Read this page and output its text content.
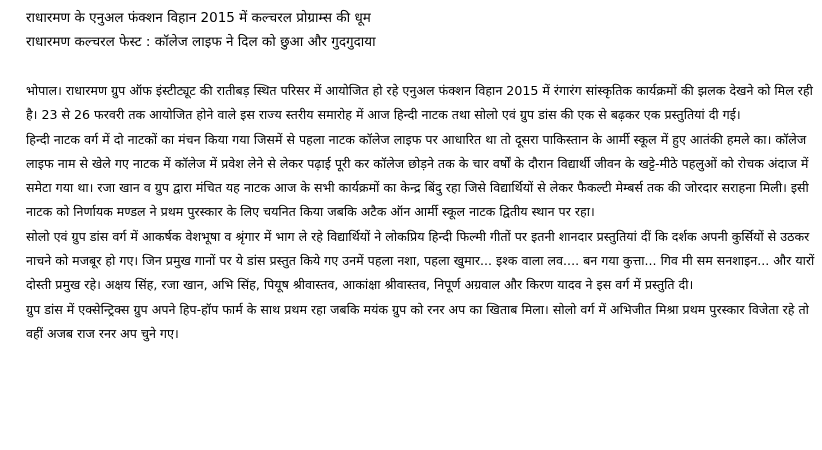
राधारमण के एनुअल फंक्शन विहान 2015 में कल्चरल प्रोग्राम्स की धूम

राधारमण कल्चरल फेस्ट : कॉलेज लाइफ ने दिल को छुआ और गुदगुदाया

भोपाल। राधारमण ग्रुप ऑफ इंस्टीट्यूट की रातीबड़ स्थित परिसर में आयोजित हो रहे एनुअल फंक्शन विहान 2015 में रंगारंग सांस्कृतिक कार्यक्रमों की झलक देखने को मिल रही है। 23 से 26 फरवरी तक आयोजित होने वाले इस राज्य स्तरीय समारोह में आज हिन्दी नाटक तथा सोलो एवं ग्रुप डांस की एक से बढ़कर एक प्रस्तुतियां दी गई।

हिन्दी नाटक वर्ग में दो नाटकों का मंचन किया गया जिसमें से पहला नाटक कॉलेज लाइफ पर आधारित था तो दूसरा पाकिस्तान के आर्मी स्कूल में हुए आतंकी हमले का। कॉलेज लाइफ नाम से खेले गए नाटक में कॉलेज में प्रवेश लेने से लेकर पढ़ाई पूरी कर कॉलेज छोड़ने तक के चार वर्षों के दौरान विद्यार्थी जीवन के खट्टे-मीठे पहलुओं को रोचक अंदाज में समेटा गया था। रजा खान व ग्रुप द्वारा मंचित यह नाटक आज के सभी कार्यक्रमों का केन्द्र बिंदु रहा जिसे विद्यार्थियों से लेकर फैकल्टी मेम्बर्स तक की जोरदार सराहना मिली। इसी नाटक को निर्णायक मण्डल ने प्रथम पुरस्कार के लिए चयनित किया जबकि अटैक ऑन आर्मी स्कूल नाटक द्वितीय स्थान पर रहा।

सोलो एवं ग्रुप डांस वर्ग में आकर्षक वेशभूषा व श्रृंगार में भाग ले रहे विद्यार्थियों ने लोकप्रिय हिन्दी फिल्मी गीतों पर इतनी शानदार प्रस्तुतियां दीं कि दर्शक अपनी कुर्सियों से उठकर नाचने को मजबूर हो गए। जिन प्रमुख गानों पर ये डांस प्रस्तुत किये गए उनमें पहला नशा, पहला खुमार... इश्क वाला लव.... बन गया कुत्ता... गिव मी सम सनशाइन... और यारों दोस्ती प्रमुख रहे। अक्षय सिंह, रजा खान, अभि सिंह, पियूष श्रीवास्तव, आकांक्षा श्रीवास्तव, निपूर्ण अग्रवाल और किरण यादव ने इस वर्ग में प्रस्तुति दी।

ग्रुप डांस में एक्सेन्ट्रिक्स ग्रुप अपने हिप-हॉप फार्म के साथ प्रथम रहा जबकि मयंक ग्रुप को रनर अप का खिताब मिला। सोलो वर्ग में अभिजीत मिश्रा प्रथम पुरस्कार विजेता रहे तो वहीं अजब राज रनर अप चुने गए।
